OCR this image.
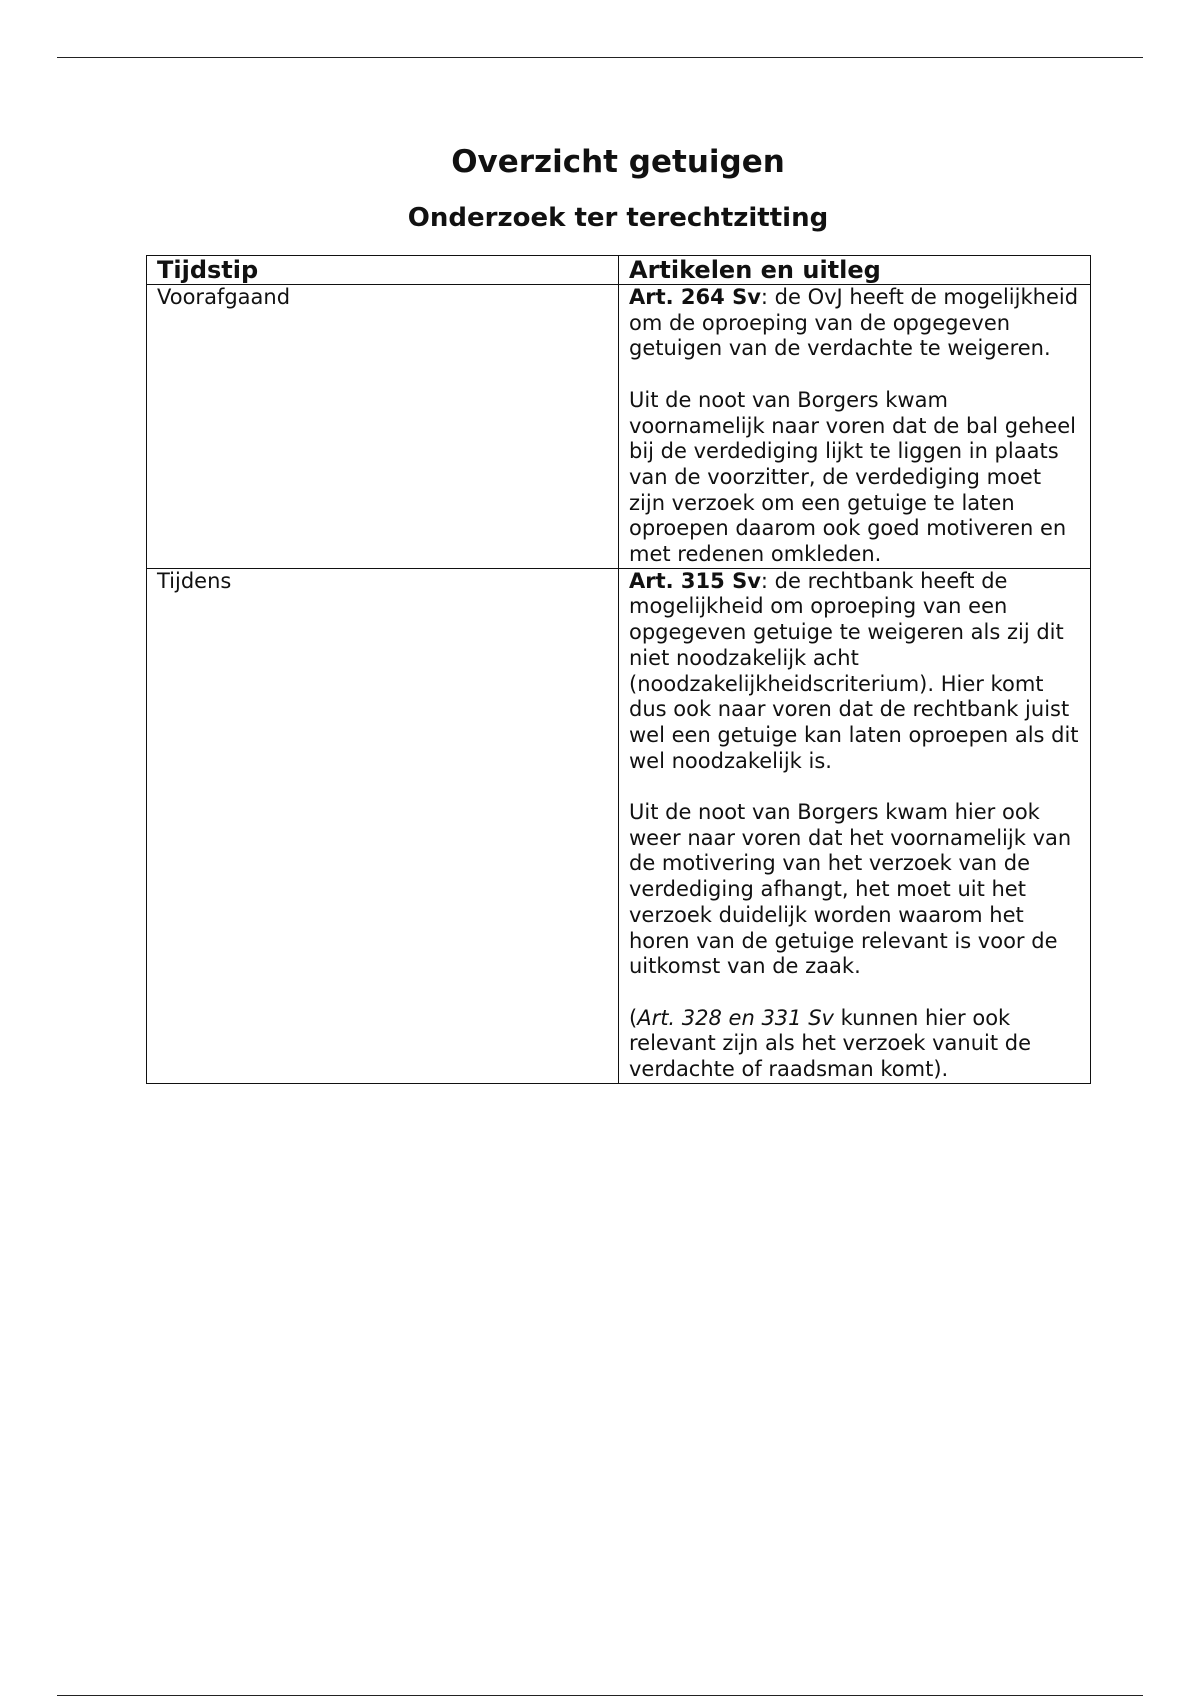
Overzicht getuigen
Onderzoek ter terechtzitting
Tijdstip	Artikelen en uitleg
Voorafgaand	Art. 264 Sv: de OvJ heeft de mogelijkheid om de oproeping van de opgegeven getuigen van de verdachte te weigeren.

Uit de noot van Borgers kwam voornamelijk naar voren dat de bal geheel bij de verdediging lijkt te liggen in plaats van de voorzitter, de verdediging moet zijn verzoek om een getuige te laten oproepen daarom ook goed motiveren en met redenen omkleden.

Tijdens	Art. 315 Sv: de rechtbank heeft de mogelijkheid om oproeping van een opgegeven getuige te weigeren als zij dit niet noodzakelijk acht (noodzakelijkheidscriterium). Hier komt dus ook naar voren dat de rechtbank juist wel een getuige kan laten oproepen als dit wel noodzakelijk is.

Uit de noot van Borgers kwam hier ook weer naar voren dat het voornamelijk van de motivering van het verzoek van de verdediging afhangt, het moet uit het verzoek duidelijk worden waarom het horen van de getuige relevant is voor de uitkomst van de zaak.

(Art. 328 en 331 Sv kunnen hier ook relevant zijn als het verzoek vanuit de verdachte of raadsman komt).
